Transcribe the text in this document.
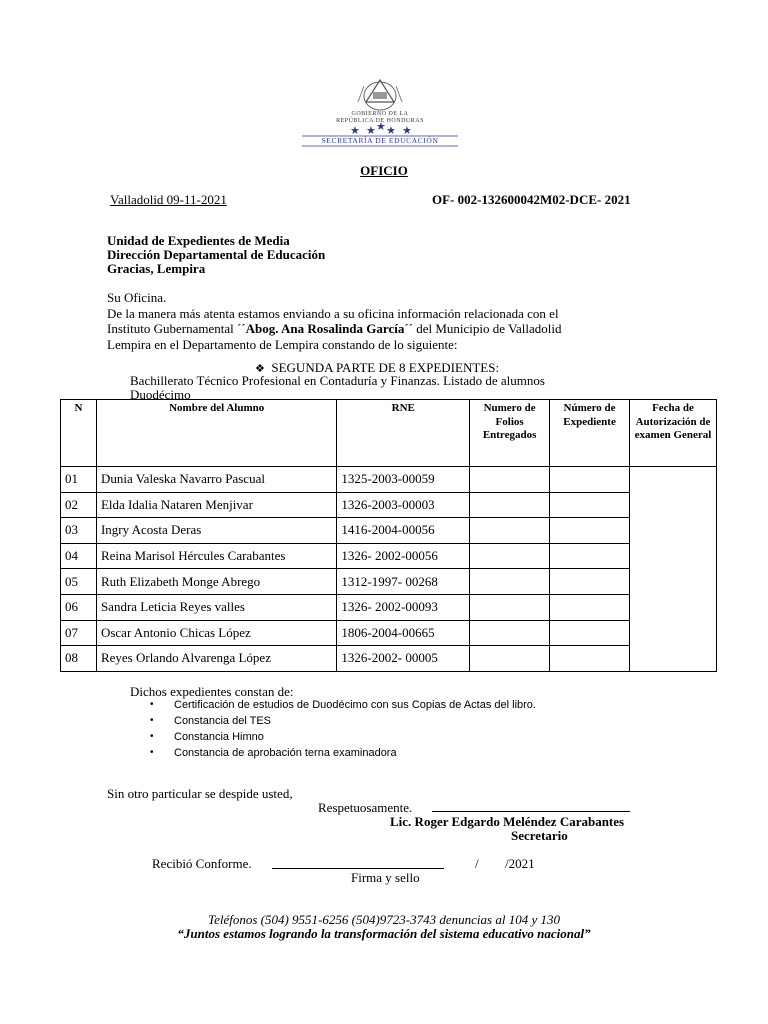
GOBIERNO DE LA
REPÚBLICA DE HONDURAS
★ ★ ★ ★ ★
SECRETARÍA DE EDUCACIÓN
OFICIO
Valladolid 09-11-2021	OF- 002-132600042M02-DCE- 2021
Unidad de Expedientes de Media
Dirección Departamental de Educación
Gracias, Lempira
Su Oficina.
De la manera más atenta estamos enviando a su oficina información relacionada con el
Instituto Gubernamental ´´Abog. Ana Rosalinda García´´ del Municipio de Valladolid
Lempira en el Departamento de Lempira constando de lo siguiente:
❖ SEGUNDA PARTE DE 8 EXPEDIENTES:
Bachillerato Técnico Profesional en Contaduría y Finanzas. Listado de alumnos
Duodécimo
N	Nombre del Alumno	RNE	Numero de Folios Entregados	Número de Expediente	Fecha de Autorización de examen General
01	Dunia Valeska Navarro Pascual	1325-2003-00059			
02	Elda Idalia Nataren Menjivar	1326-2003-00003			
03	Ingry Acosta Deras	1416-2004-00056			
04	Reina Marisol Hércules Carabantes	1326- 2002-00056			
05	Ruth Elizabeth Monge Abrego	1312-1997- 00268			
06	Sandra Leticia Reyes valles	1326- 2002-00093			
07	Oscar Antonio Chicas López	1806-2004-00665			
08	Reyes Orlando Alvarenga López	1326-2002- 00005			
Dichos expedientes constan de:
• Certificación de estudios de Duodécimo con sus Copias de Actas del libro.
• Constancia del TES
• Constancia Himno
• Constancia de aprobación terna examinadora
Sin otro particular se despide usted,
Respetuosamente.
Lic. Roger Edgardo Meléndez Carabantes
Secretario
Recibió Conforme.	/ /2021
Firma y sello
Teléfonos (504) 9551-6256 (504)9723-3743 denuncias al 104 y 130
“Juntos estamos logrando la transformación del sistema educativo nacional”
